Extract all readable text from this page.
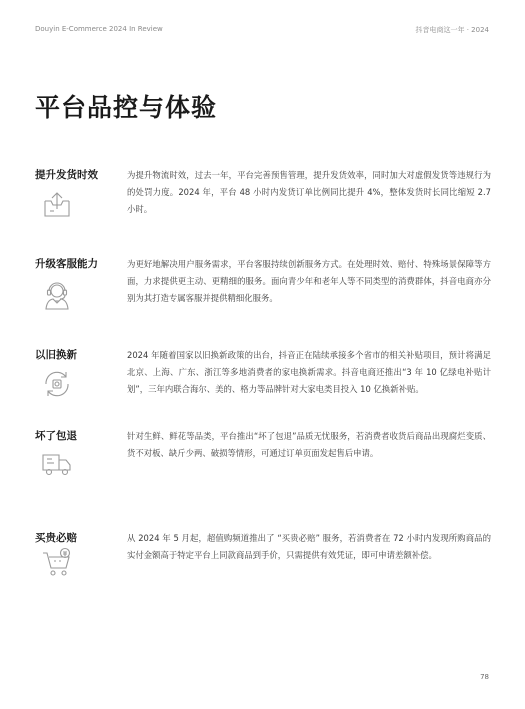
Douyin E-Commerce 2024 In Review	抖音电商这一年 · 2024
平台品控与体验
提升发货时效	为提升物流时效，过去一年，平台完善预售管理，提升发货效率，同时加大对虚假发货等违规行为的处罚力度。2024 年，平台 48 小时内发货订单比例同比提升 4%，整体发货时长同比缩短 2.7 小时。
升级客服能力	为更好地解决用户服务需求，平台客服持续创新服务方式。在处理时效、赔付、特殊场景保障等方面，力求提供更主动、更精细的服务。面向青少年和老年人等不同类型的消费群体，抖音电商亦分别为其打造专属客服并提供精细化服务。
以旧换新	2024 年随着国家以旧换新政策的出台，抖音正在陆续承接多个省市的相关补贴项目，预计将满足北京、上海、广东、浙江等多地消费者的家电换新需求。抖音电商还推出“3 年 10 亿绿电补贴计划”，三年内联合海尔、美的、格力等品牌针对大家电类目投入 10 亿换新补贴。
坏了包退	针对生鲜、鲜花等品类，平台推出“坏了包退”品质无忧服务，若消费者收货后商品出现腐烂变质、货不对板、缺斤少两、破损等情形，可通过订单页面发起售后申请。
买贵必赔	从 2024 年 5 月起，超值购频道推出了 “买贵必赔” 服务，若消费者在 72 小时内发现所购商品的实付金额高于特定平台上同款商品到手价，只需提供有效凭证，即可申请差额补偿。
78
